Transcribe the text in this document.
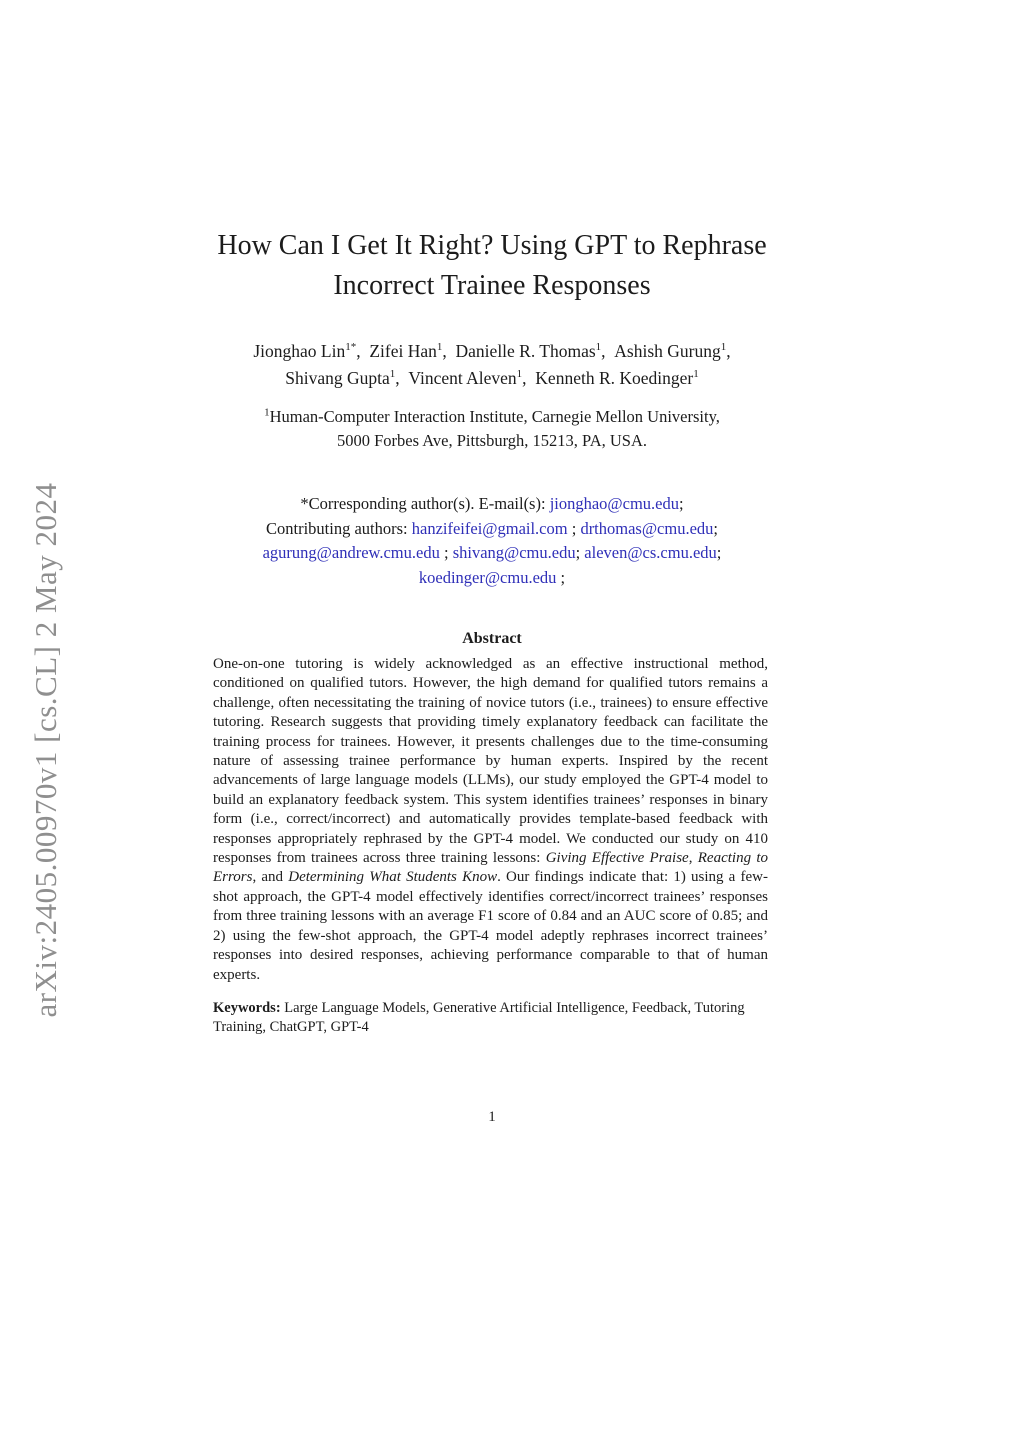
arXiv:2405.00970v1 [cs.CL] 2 May 2024
How Can I Get It Right? Using GPT to Rephrase
Incorrect Trainee Responses
Jionghao Lin$^{1*}$, Zifei Han$^1$, Danielle R. Thomas$^1$, Ashish Gurung$^1$,
Shivang Gupta$^1$, Vincent Aleven$^1$, Kenneth R. Koedinger$^1$
$^1$Human-Computer Interaction Institute, Carnegie Mellon University,
5000 Forbes Ave, Pittsburgh, 15213, PA, USA.
*Corresponding author(s). E-mail(s): jionghao@cmu.edu;
Contributing authors: hanzifeifei@gmail.com ; drthomas@cmu.edu;
agurung@andrew.cmu.edu ; shivang@cmu.edu; aleven@cs.cmu.edu;
koedinger@cmu.edu ;
Abstract

One-on-one tutoring is widely acknowledged as an effective instructional method, conditioned on qualified tutors. However, the high demand for qualified tutors remains a challenge, often necessitating the training of novice tutors (i.e., trainees) to ensure effective tutoring. Research suggests that providing timely explanatory feedback can facilitate the training process for trainees. However, it presents challenges due to the time-consuming nature of assessing trainee performance by human experts. Inspired by the recent advancements of large language models (LLMs), our study employed the GPT-4 model to build an explanatory feedback system. This system identifies trainees’ responses in binary form (i.e., correct/incorrect) and automatically provides template-based feedback with responses appropriately rephrased by the GPT-4 model. We conducted our study on 410 responses from trainees across three training lessons: Giving Effective Praise, Reacting to Errors, and Determining What Students Know. Our findings indicate that: 1) using a few-shot approach, the GPT-4 model effectively identifies correct/incorrect trainees’ responses from three training lessons with an average F1 score of 0.84 and an AUC score of 0.85; and 2) using the few-shot approach, the GPT-4 model adeptly rephrases incorrect trainees’ responses into desired responses, achieving performance comparable to that of human experts.

Keywords: Large Language Models, Generative Artificial Intelligence, Feedback, Tutoring Training, ChatGPT, GPT-4

1
